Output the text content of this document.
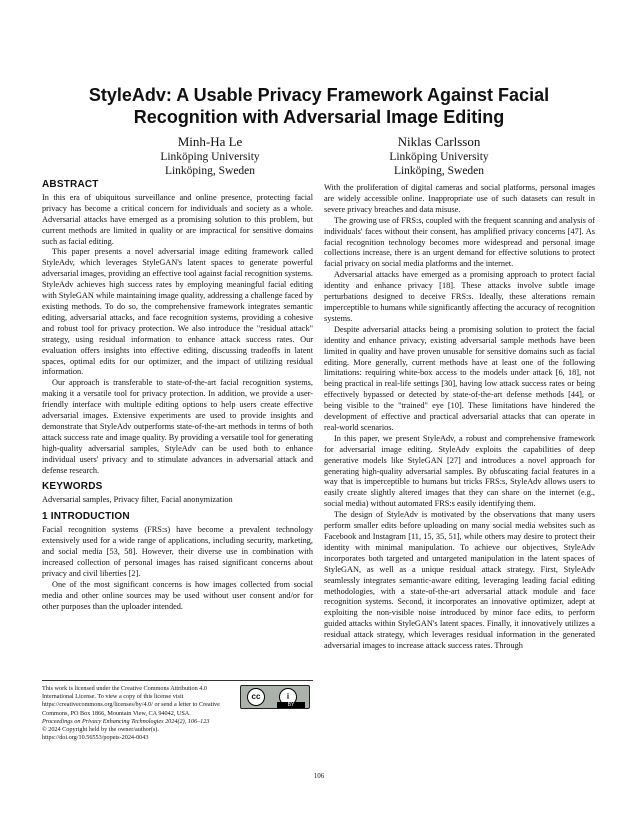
StyleAdv: A Usable Privacy Framework Against Facial Recognition with Adversarial Image Editing
Minh-Ha Le
Linköping University
Linköping, Sweden
Niklas Carlsson
Linköping University
Linköping, Sweden
ABSTRACT

In this era of ubiquitous surveillance and online presence, protecting facial privacy has become a critical concern for individuals and society as a whole. Adversarial attacks have emerged as a promising solution to this problem, but current methods are limited in quality or are impractical for sensitive domains such as facial editing.

This paper presents a novel adversarial image editing framework called StyleAdv, which leverages StyleGAN's latent spaces to generate powerful adversarial images, providing an effective tool against facial recognition systems. StyleAdv achieves high success rates by employing meaningful facial editing with StyleGAN while maintaining image quality, addressing a challenge faced by existing methods. To do so, the comprehensive framework integrates semantic editing, adversarial attacks, and face recognition systems, providing a cohesive and robust tool for privacy protection. We also introduce the "residual attack" strategy, using residual information to enhance attack success rates. Our evaluation offers insights into effective editing, discussing tradeoffs in latent spaces, optimal edits for our optimizer, and the impact of utilizing residual information.

Our approach is transferable to state-of-the-art facial recognition systems, making it a versatile tool for privacy protection. In addition, we provide a user-friendly interface with multiple editing options to help users create effective adversarial images. Extensive experiments are used to provide insights and demonstrate that StyleAdv outperforms state-of-the-art methods in terms of both attack success rate and image quality. By providing a versatile tool for generating high-quality adversarial samples, StyleAdv can be used both to enhance individual users' privacy and to stimulate advances in adversarial attack and defense research.

KEYWORDS

Adversarial samples, Privacy filter, Facial anonymization

1 INTRODUCTION

Facial recognition systems (FRS:s) have become a prevalent technology extensively used for a wide range of applications, including security, marketing, and social media [53, 58]. However, their diverse use in combination with increased collection of personal images has raised significant concerns about privacy and civil liberties [2].

One of the most significant concerns is how images collected from social media and other online sources may be used without user consent and/or for other purposes than the uploader intended.

This work is licensed under the Creative Commons Attribution 4.0 International License. To view a copy of this license visit https://creativecommons.org/licenses/by/4.0/ or send a letter to Creative Commons, PO Box 1866, Mountain View, CA 94042, USA.
Proceedings on Privacy Enhancing Technologies 2024(2), 106–123
© 2024 Copyright held by the owner/author(s).
https://doi.org/10.56553/popets-2024-0043
cc	i
BY

With the proliferation of digital cameras and social platforms, personal images are widely accessible online. Inappropriate use of such datasets can result in severe privacy breaches and data misuse.

The growing use of FRS:s, coupled with the frequent scanning and analysis of individuals' faces without their consent, has amplified privacy concerns [47]. As facial recognition technology becomes more widespread and personal image collections increase, there is an urgent demand for effective solutions to protect facial privacy on social media platforms and the internet.

Adversarial attacks have emerged as a promising approach to protect facial identity and enhance privacy [18]. These attacks involve subtle image perturbations designed to deceive FRS:s. Ideally, these alterations remain imperceptible to humans while significantly affecting the accuracy of recognition systems.

Despite adversarial attacks being a promising solution to protect the facial identity and enhance privacy, existing adversarial sample methods have been limited in quality and have proven unusable for sensitive domains such as facial editing. More generally, current methods have at least one of the following limitations: requiring white-box access to the models under attack [6, 18], not being practical in real-life settings [30], having low attack success rates or being effectively bypassed or detected by state-of-the-art defense methods [44], or being visible to the "trained" eye [10]. These limitations have hindered the development of effective and practical adversarial attacks that can operate in real-world scenarios.

In this paper, we present StyleAdv, a robust and comprehensive framework for adversarial image editing. StyleAdv exploits the capabilities of deep generative models like StyleGAN [27] and introduces a novel approach for generating high-quality adversarial samples. By obfuscating facial features in a way that is imperceptible to humans but tricks FRS:s, StyleAdv allows users to easily create slightly altered images that they can share on the internet (e.g., social media) without automated FRS:s easily identifying them.

The design of StyleAdv is motivated by the observations that many users perform smaller edits before uploading on many social media websites such as Facebook and Instagram [11, 15, 35, 51], while others may desire to protect their identity with minimal manipulation. To achieve our objectives, StyleAdv incorporates both targeted and untargeted manipulation in the latent spaces of StyleGAN, as well as a unique residual attack strategy. First, StyleAdv seamlessly integrates semantic-aware editing, leveraging leading facial editing methodologies, with a state-of-the-art adversarial attack module and face recognition systems. Second, it incorporates an innovative optimizer, adept at exploiting the non-visible noise introduced by minor face edits, to perform guided attacks within StyleGAN's latent spaces. Finally, it innovatively utilizes a residual attack strategy, which leverages residual information in the generated adversarial images to increase attack success rates. Through

106
